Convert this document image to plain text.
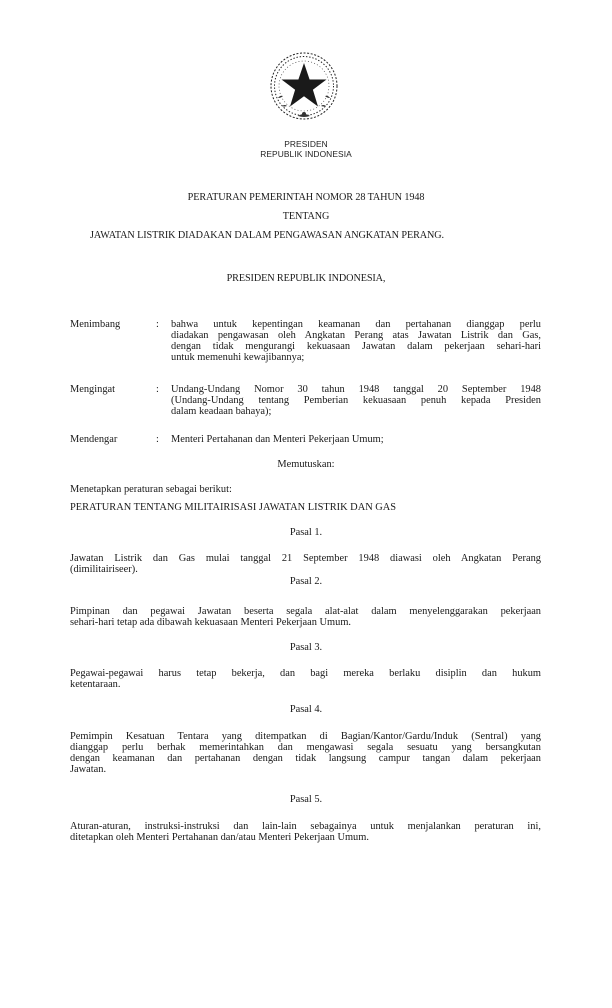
PRESIDEN
REPUBLIK INDONESIA
PERATURAN PEMERINTAH NOMOR 28 TAHUN 1948
TENTANG
JAWATAN LISTRIK DIADAKAN DALAM PENGAWASAN ANGKATAN PERANG.
PRESIDEN REPUBLIK INDONESIA,
Menimbang	:	bahwa untuk kepentingan keamanan dan pertahanan dianggap perlu
diadakan pengawasan oleh Angkatan Perang atas Jawatan Listrik dan Gas,
dengan tidak mengurangi kekuasaan Jawatan dalam pekerjaan sehari-hari
untuk memenuhi kewajibannya;
Mengingat	:	Undang-Undang Nomor 30 tahun 1948 tanggal 20 September 1948
(Undang-Undang tentang Pemberian kekuasaan penuh kepada Presiden
dalam keadaan bahaya);
Mendengar	:	Menteri Pertahanan dan Menteri Pekerjaan Umum;
Memutuskan:
Menetapkan peraturan sebagai berikut:
PERATURAN TENTANG MILITAIRISASI JAWATAN LISTRIK DAN GAS
Pasal 1.
Jawatan Listrik dan Gas mulai tanggal 21 September 1948 diawasi oleh Angkatan Perang
(dimilitairiseer).
Pasal 2.
Pimpinan dan pegawai Jawatan beserta segala alat-alat dalam menyelenggarakan pekerjaan
sehari-hari tetap ada dibawah kekuasaan Menteri Pekerjaan Umum.
Pasal 3.
Pegawai-pegawai harus tetap bekerja, dan bagi mereka berlaku disiplin dan hukum
ketentaraan.
Pasal 4.
Pemimpin Kesatuan Tentara yang ditempatkan di Bagian/Kantor/Gardu/Induk (Sentral) yang
dianggap perlu berhak memerintahkan dan mengawasi segala sesuatu yang bersangkutan
dengan keamanan dan pertahanan dengan tidak langsung campur tangan dalam pekerjaan
Jawatan.
Pasal 5.
Aturan-aturan, instruksi-instruksi dan lain-lain sebagainya untuk menjalankan peraturan ini,
ditetapkan oleh Menteri Pertahanan dan/atau Menteri Pekerjaan Umum.
